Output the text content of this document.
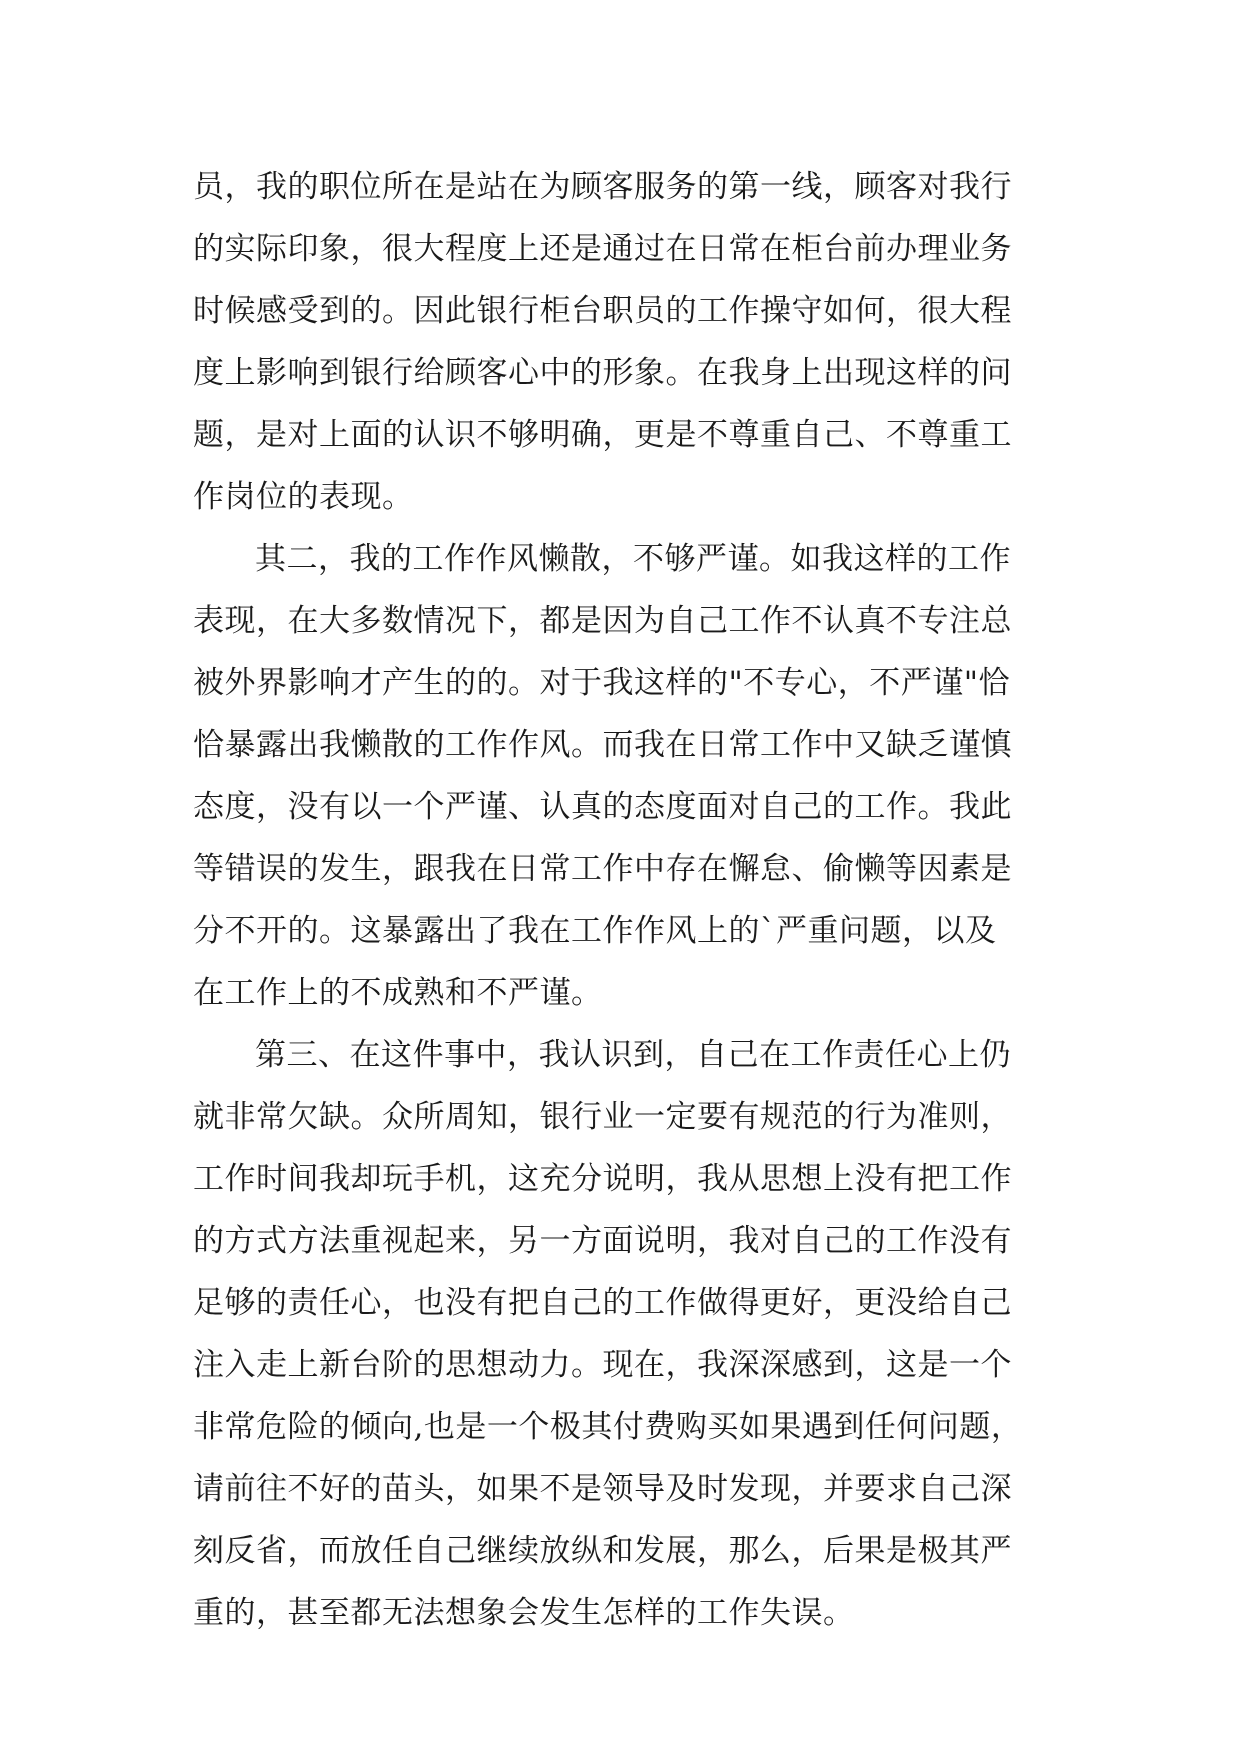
员，我的职位所在是站在为顾客服务的第一线，顾客对我行
的实际印象，很大程度上还是通过在日常在柜台前办理业务
时候感受到的。因此银行柜台职员的工作操守如何，很大程
度上影响到银行给顾客心中的形象。在我身上出现这样的问
题，是对上面的认识不够明确，更是不尊重自己、不尊重工
作岗位的表现。
其二，我的工作作风懒散，不够严谨。如我这样的工作
表现，在大多数情况下，都是因为自己工作不认真不专注总
被外界影响才产生的的。对于我这样的"不专心，不严谨"恰
恰暴露出我懒散的工作作风。而我在日常工作中又缺乏谨慎
态度，没有以一个严谨、认真的态度面对自己的工作。我此
等错误的发生，跟我在日常工作中存在懈怠、偷懒等因素是
分不开的。这暴露出了我在工作作风上的`严重问题，以及
在工作上的不成熟和不严谨。
第三、在这件事中，我认识到，自己在工作责任心上仍
就非常欠缺。众所周知，银行业一定要有规范的行为准则，
工作时间我却玩手机，这充分说明，我从思想上没有把工作
的方式方法重视起来，另一方面说明，我对自己的工作没有
足够的责任心，也没有把自己的工作做得更好，更没给自己
注入走上新台阶的思想动力。现在，我深深感到，这是一个
非常危险的倾向,也是一个极其付费购买如果遇到任何问题，
请前往不好的苗头，如果不是领导及时发现，并要求自己深
刻反省，而放任自己继续放纵和发展，那么，后果是极其严
重的，甚至都无法想象会发生怎样的工作失误。
